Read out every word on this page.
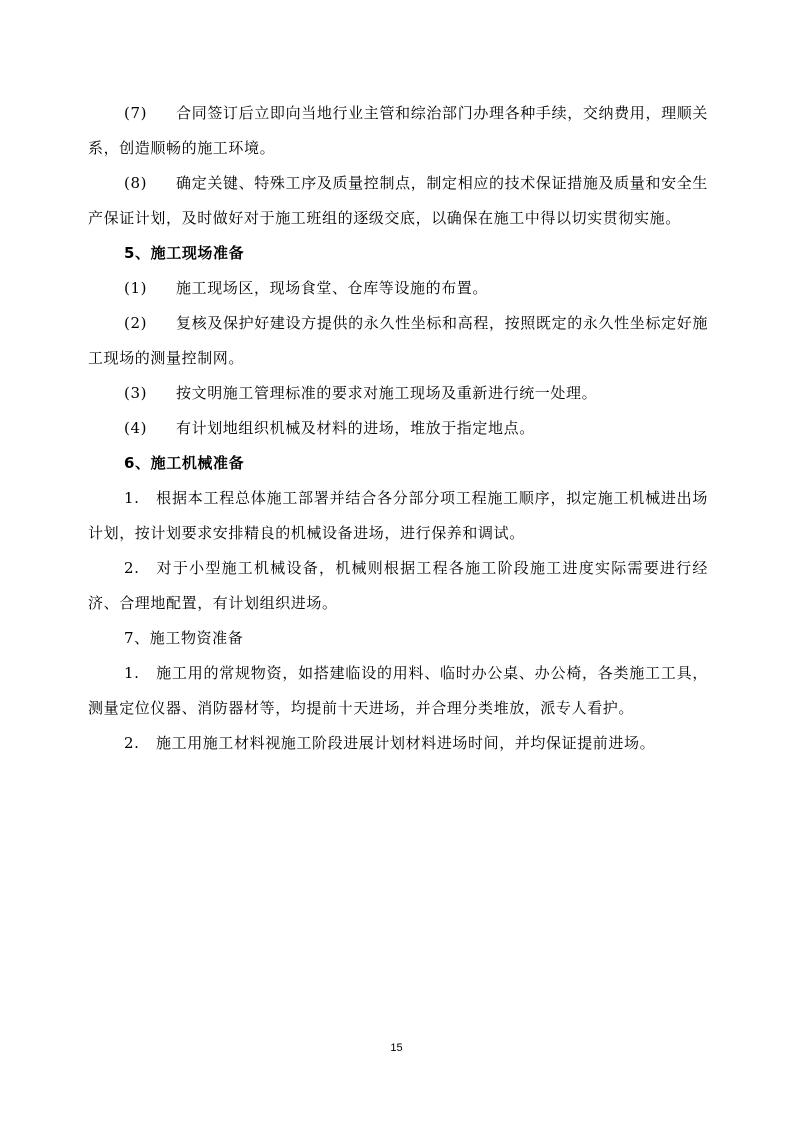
(7) 合同签订后立即向当地行业主管和综治部门办理各种手续，交纳费用，理顺关系，创造顺畅的施工环境。

(8) 确定关键、特殊工序及质量控制点，制定相应的技术保证措施及质量和安全生产保证计划，及时做好对于施工班组的逐级交底，以确保在施工中得以切实贯彻实施。

5、施工现场准备

(1) 施工现场区，现场食堂、仓库等设施的布置。

(2) 复核及保护好建设方提供的永久性坐标和高程，按照既定的永久性坐标定好施工现场的测量控制网。

(3) 按文明施工管理标准的要求对施工现场及重新进行统一处理。

(4) 有计划地组织机械及材料的进场，堆放于指定地点。

6、施工机械准备

1. 根据本工程总体施工部署并结合各分部分项工程施工顺序，拟定施工机械进出场计划，按计划要求安排精良的机械设备进场，进行保养和调试。

2. 对于小型施工机械设备，机械则根据工程各施工阶段施工进度实际需要进行经济、合理地配置，有计划组织进场。

7、施工物资准备

1. 施工用的常规物资，如搭建临设的用料、临时办公桌、办公椅，各类施工工具，测量定位仪器、消防器材等，均提前十天进场，并合理分类堆放，派专人看护。

2. 施工用施工材料视施工阶段进展计划材料进场时间，并均保证提前进场。

15
